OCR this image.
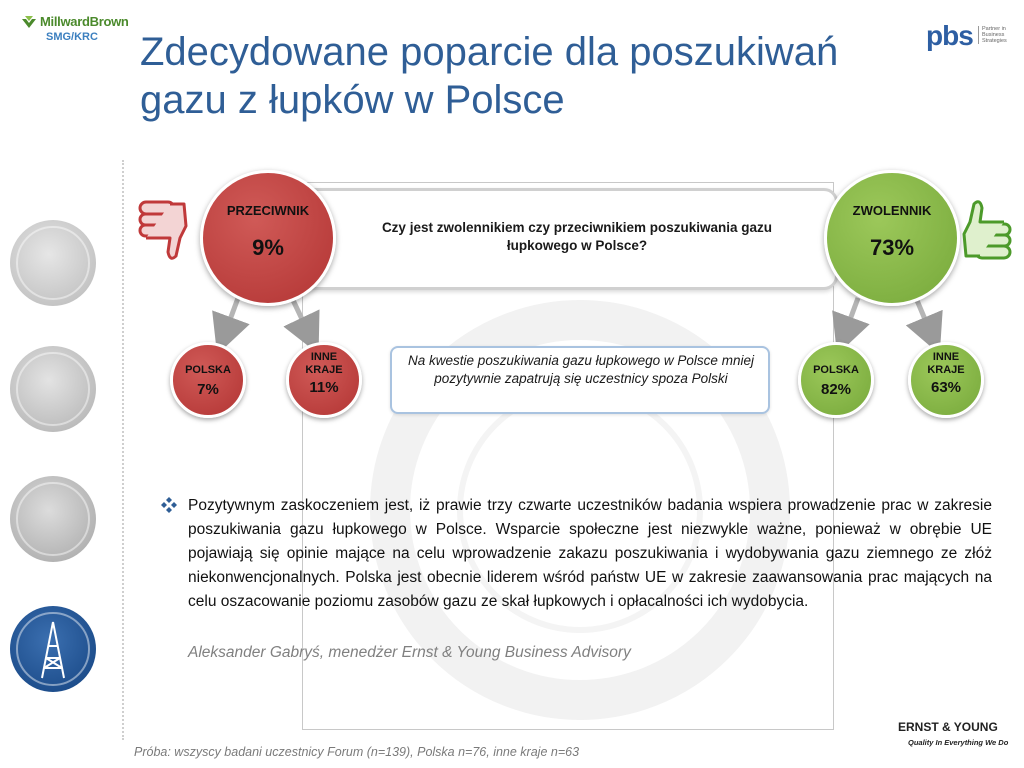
MillwardBrown
SMG/KRC	pbs Partner in
Business
Strategies
Zdecydowane poparcie dla poszukiwań
gazu z łupków w Polsce
Czy jest zwolennikiem czy przeciwnikiem poszukiwania gazu łupkowego w Polsce?
PRZECIWNIK
9%
ZWOLENNIK
73%
POLSKA
7%
INNE
KRAJE
11%
POLSKA
82%
INNE
KRAJE
63%
Na kwestie poszukiwania gazu łupkowego w Polsce mniej pozytywnie zapatrują się uczestnicy spoza Polski
Pozytywnym zaskoczeniem jest, iż prawie trzy czwarte uczestników badania wspiera prowadzenie prac w zakresie poszukiwania gazu łupkowego w Polsce. Wsparcie społeczne jest niezwykle ważne, ponieważ w obrębie UE pojawiają się opinie mające na celu wprowadzenie zakazu poszukiwania i wydobywania gazu ziemnego ze złóż niekonwencjonalnych. Polska jest obecnie liderem wśród państw UE w zakresie zaawansowania prac mających na celu oszacowanie poziomu zasobów gazu ze skał łupkowych i opłacalności ich wydobycia.
Aleksander Gabryś, menedżer Ernst & Young Business Advisory
ERNST & YOUNG
Quality In Everything We Do
Próba: wszyscy badani uczestnicy Forum (n=139), Polska n=76, inne kraje n=63
